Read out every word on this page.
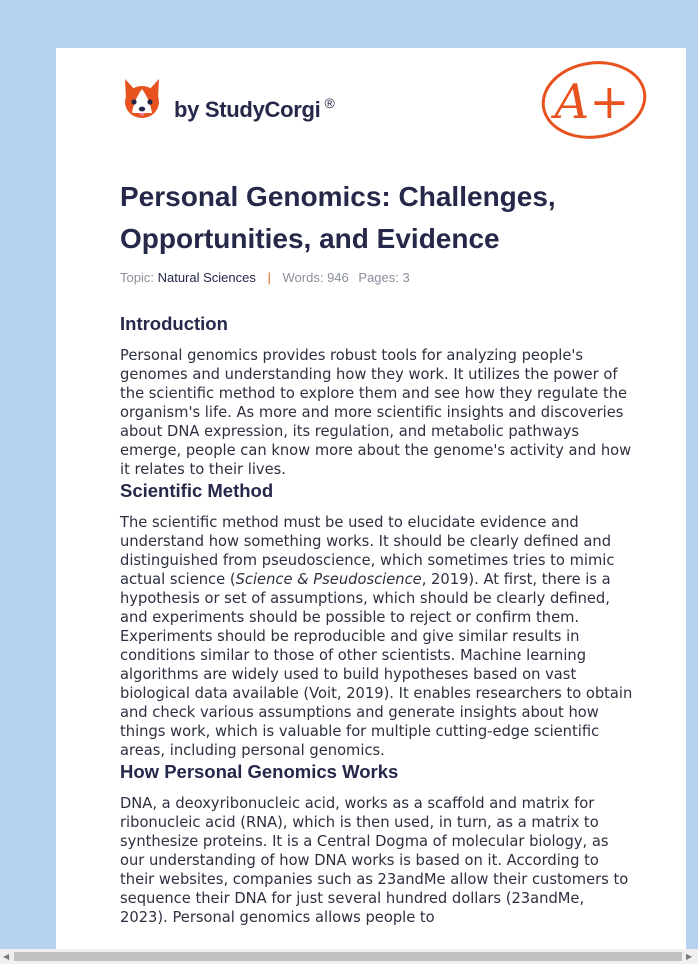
by StudyCorgi ®	A+
Personal Genomics: Challenges, Opportunities, and Evidence
Topic: Natural Sciences | Words: 946 Pages: 3
Introduction

Personal genomics provides robust tools for analyzing people's genomes and understanding how they work. It utilizes the power of the scientific method to explore them and see how they regulate the organism's life. As more and more scientific insights and discoveries about DNA expression, its regulation, and metabolic pathways emerge, people can know more about the genome's activity and how it relates to their lives.

Scientific Method

The scientific method must be used to elucidate evidence and understand how something works. It should be clearly defined and distinguished from pseudoscience, which sometimes tries to mimic actual science (Science & Pseudoscience, 2019). At first, there is a hypothesis or set of assumptions, which should be clearly defined, and experiments should be possible to reject or confirm them. Experiments should be reproducible and give similar results in conditions similar to those of other scientists. Machine learning algorithms are widely used to build hypotheses based on vast biological data available (Voit, 2019). It enables researchers to obtain and check various assumptions and generate insights about how things work, which is valuable for multiple cutting-edge scientific areas, including personal genomics.

How Personal Genomics Works

DNA, a deoxyribonucleic acid, works as a scaffold and matrix for ribonucleic acid (RNA), which is then used, in turn, as a matrix to synthesize proteins. It is a Central Dogma of molecular biology, as our understanding of how DNA works is based on it. According to their websites, companies such as 23andMe allow their customers to sequence their DNA for just several hundred dollars (23andMe, 2023). Personal genomics allows people to

◀	▶
